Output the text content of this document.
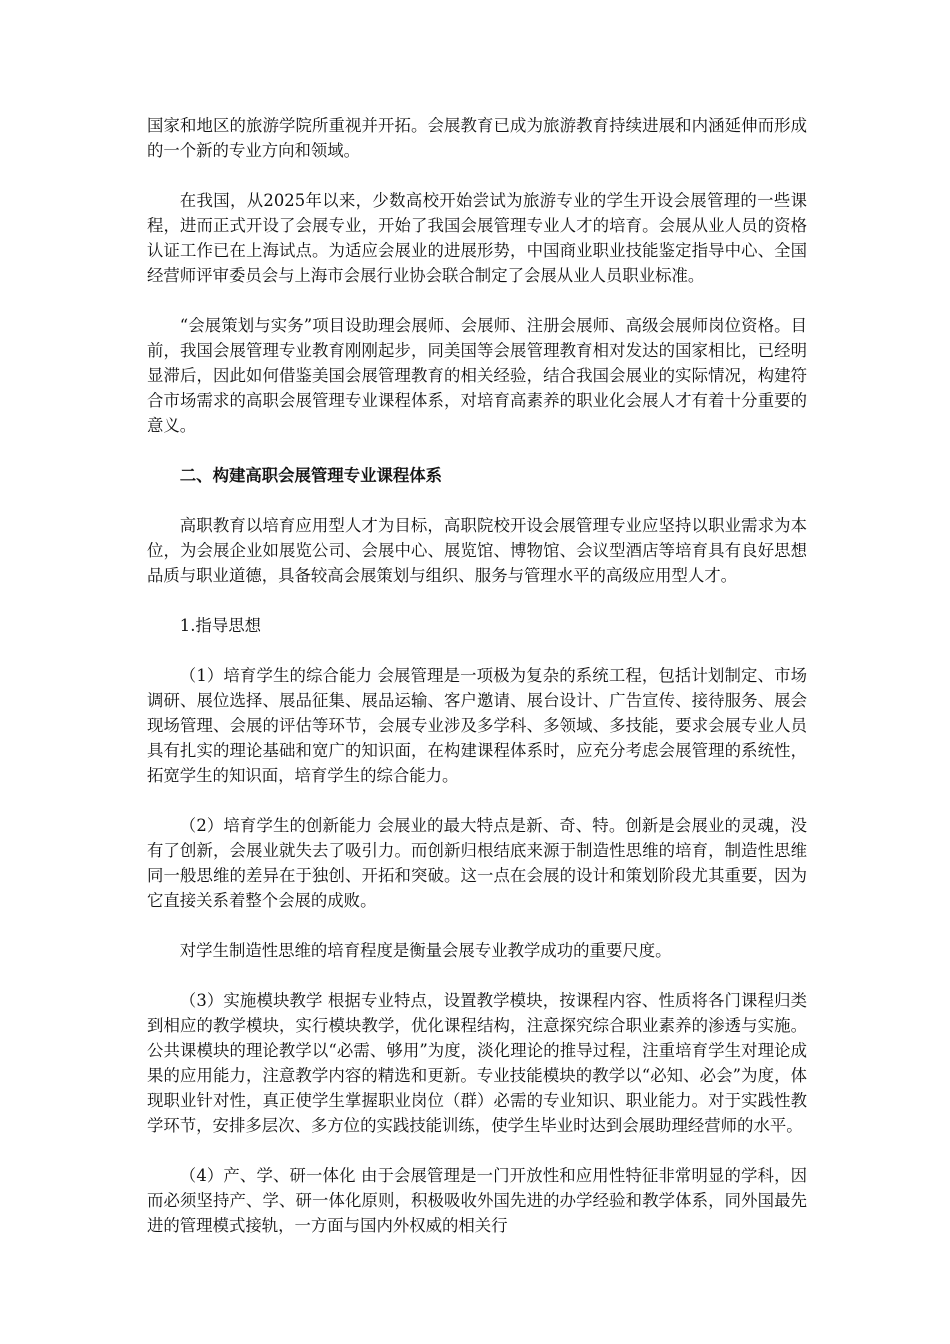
国家和地区的旅游学院所重视并开拓。会展教育已成为旅游教育持续进展和内涵延伸而形成的一个新的专业方向和领域。

在我国，从2025年以来，少数高校开始尝试为旅游专业的学生开设会展管理的一些课程，进而正式开设了会展专业，开始了我国会展管理专业人才的培育。会展从业人员的资格认证工作已在上海试点。为适应会展业的进展形势，中国商业职业技能鉴定指导中心、全国经营师评审委员会与上海市会展行业协会联合制定了会展从业人员职业标准。

“会展策划与实务”项目设助理会展师、会展师、注册会展师、高级会展师岗位资格。目前，我国会展管理专业教育刚刚起步，同美国等会展管理教育相对发达的国家相比，已经明显滞后，因此如何借鉴美国会展管理教育的相关经验，结合我国会展业的实际情况，构建符合市场需求的高职会展管理专业课程体系，对培育高素养的职业化会展人才有着十分重要的意义。

二、构建高职会展管理专业课程体系

高职教育以培育应用型人才为目标，高职院校开设会展管理专业应坚持以职业需求为本位，为会展企业如展览公司、会展中心、展览馆、博物馆、会议型酒店等培育具有良好思想品质与职业道德，具备较高会展策划与组织、服务与管理水平的高级应用型人才。

1.指导思想

（1）培育学生的综合能力 会展管理是一项极为复杂的系统工程，包括计划制定、市场调研、展位选择、展品征集、展品运输、客户邀请、展台设计、广告宣传、接待服务、展会现场管理、会展的评估等环节，会展专业涉及多学科、多领域、多技能，要求会展专业人员具有扎实的理论基础和宽广的知识面，在构建课程体系时，应充分考虑会展管理的系统性，拓宽学生的知识面，培育学生的综合能力。

（2）培育学生的创新能力 会展业的最大特点是新、奇、特。创新是会展业的灵魂，没有了创新，会展业就失去了吸引力。而创新归根结底来源于制造性思维的培育，制造性思维同一般思维的差异在于独创、开拓和突破。这一点在会展的设计和策划阶段尤其重要，因为它直接关系着整个会展的成败。

对学生制造性思维的培育程度是衡量会展专业教学成功的重要尺度。

（3）实施模块教学 根据专业特点，设置教学模块，按课程内容、性质将各门课程归类到相应的教学模块，实行模块教学，优化课程结构，注意探究综合职业素养的渗透与实施。公共课模块的理论教学以“必需、够用”为度，淡化理论的推导过程，注重培育学生对理论成果的应用能力，注意教学内容的精选和更新。专业技能模块的教学以“必知、必会”为度，体现职业针对性，真正使学生掌握职业岗位（群）必需的专业知识、职业能力。对于实践性教学环节，安排多层次、多方位的实践技能训练，使学生毕业时达到会展助理经营师的水平。

（4）产、学、研一体化 由于会展管理是一门开放性和应用性特征非常明显的学科，因而必须坚持产、学、研一体化原则，积极吸收外国先进的办学经验和教学体系，同外国最先进的管理模式接轨，一方面与国内外权威的相关行
